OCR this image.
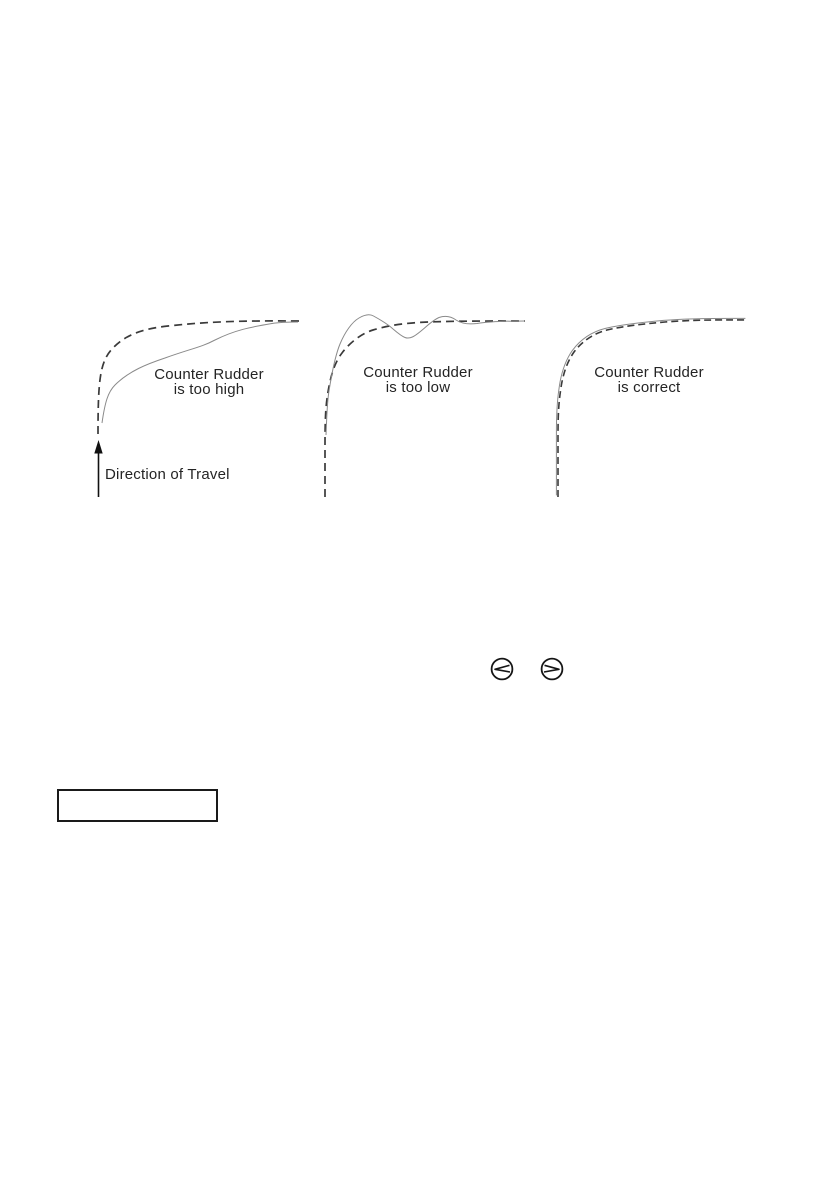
Counter Rudder
is too high
Counter Rudder
is too low
Counter Rudder
is correct
Direction of Travel
